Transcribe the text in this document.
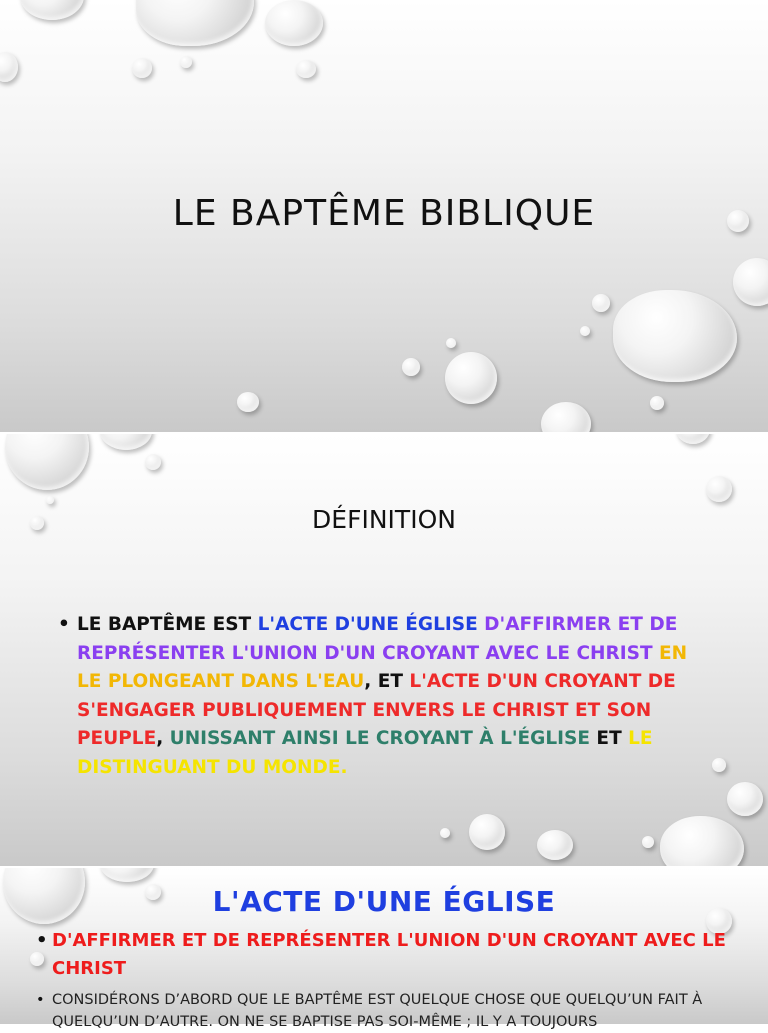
LE BAPTÊME BIBLIQUE
DÉFINITION
• LE BAPTÊME EST L'ACTE D'UNE ÉGLISE D'AFFIRMER ET DE REPRÉSENTER L'UNION D'UN CROYANT AVEC LE CHRIST EN LE PLONGEANT DANS L'EAU, ET L'ACTE D'UN CROYANT DE S'ENGAGER PUBLIQUEMENT ENVERS LE CHRIST ET SON PEUPLE, UNISSANT AINSI LE CROYANT À L'ÉGLISE ET LE DISTINGUANT DU MONDE.
L'ACTE D'UNE ÉGLISE
• D'AFFIRMER ET DE REPRÉSENTER L'UNION D'UN CROYANT AVEC LE CHRIST
• CONSIDÉRONS D’ABORD QUE LE BAPTÊME EST QUELQUE CHOSE QUE QUELQU’UN FAIT À QUELQU’UN D’AUTRE. ON NE SE BAPTISE PAS SOI-MÊME ; IL Y A TOUJOURS
